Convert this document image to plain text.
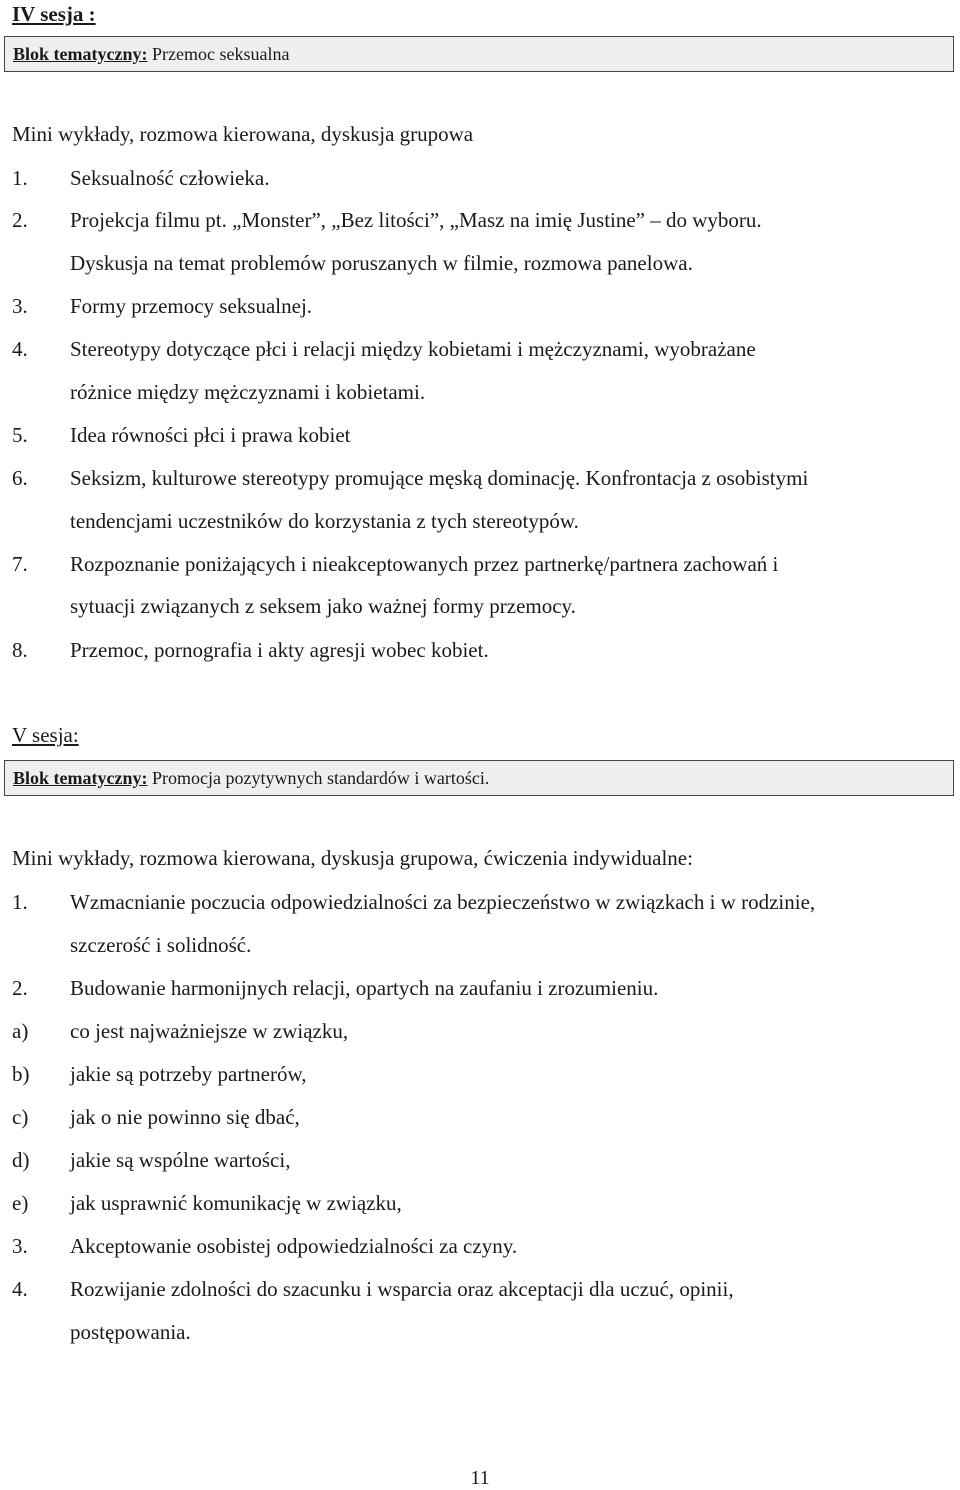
IV sesja :
Blok tematyczny: Przemoc seksualna
Mini wykłady, rozmowa kierowana, dyskusja grupowa
1. Seksualność człowieka.
2. Projekcja filmu pt. „Monster”, „Bez litości”, „Masz na imię Justine” – do wyboru.
Dyskusja na temat problemów poruszanych w filmie, rozmowa panelowa.
3. Formy przemocy seksualnej.
4. Stereotypy dotyczące płci i relacji między kobietami i mężczyznami, wyobrażane
różnice między mężczyznami i kobietami.
5. Idea równości płci i prawa kobiet
6. Seksizm, kulturowe stereotypy promujące męską dominację. Konfrontacja z osobistymi
tendencjami uczestników do korzystania z tych stereotypów.
7. Rozpoznanie poniżających i nieakceptowanych przez partnerkę/partnera zachowań i
sytuacji związanych z seksem jako ważnej formy przemocy.
8. Przemoc, pornografia i akty agresji wobec kobiet.
V sesja:
Blok tematyczny: Promocja pozytywnych standardów i wartości.
Mini wykłady, rozmowa kierowana, dyskusja grupowa, ćwiczenia indywidualne:
1. Wzmacnianie poczucia odpowiedzialności za bezpieczeństwo w związkach i w rodzinie,
szczerość i solidność.
2. Budowanie harmonijnych relacji, opartych na zaufaniu i zrozumieniu.
a) co jest najważniejsze w związku,
b) jakie są potrzeby partnerów,
c) jak o nie powinno się dbać,
d) jakie są wspólne wartości,
e) jak usprawnić komunikację w związku,
3. Akceptowanie osobistej odpowiedzialności za czyny.
4. Rozwijanie zdolności do szacunku i wsparcia oraz akceptacji dla uczuć, opinii,
postępowania.
11
